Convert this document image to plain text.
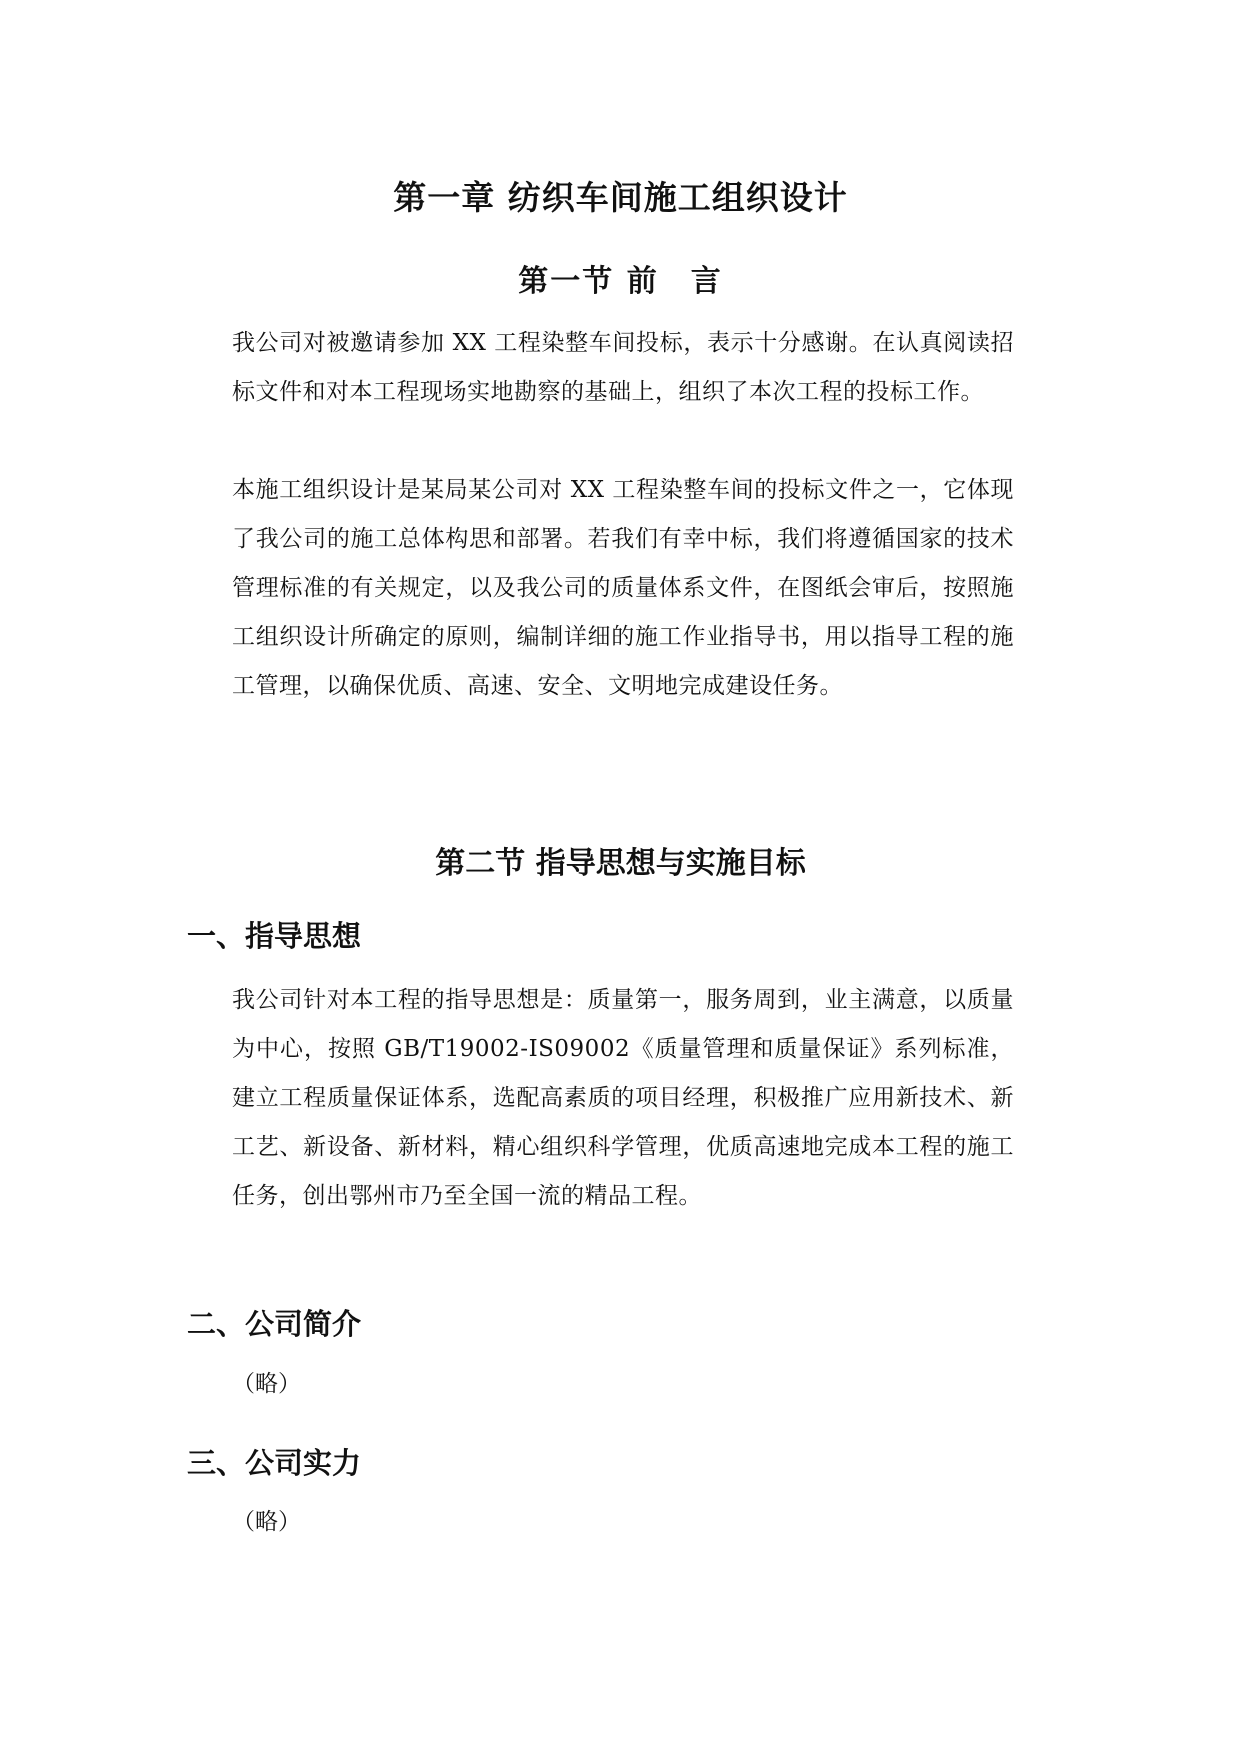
第一章 纺织车间施工组织设计
第一节 前　言

我公司对被邀请参加 XX 工程染整车间投标，表示十分感谢。在认真阅读招标文件和对本工程现场实地勘察的基础上，组织了本次工程的投标工作。

本施工组织设计是某局某公司对 XX 工程染整车间的投标文件之一，它体现了我公司的施工总体构思和部署。若我们有幸中标，我们将遵循国家的技术管理标准的有关规定，以及我公司的质量体系文件，在图纸会审后，按照施工组织设计所确定的原则，编制详细的施工作业指导书，用以指导工程的施工管理，以确保优质、高速、安全、文明地完成建设任务。

第二节 指导思想与实施目标
一、指导思想

我公司针对本工程的指导思想是：质量第一，服务周到，业主满意，以质量为中心，按照 GB/T19002-IS09002《质量管理和质量保证》系列标准，建立工程质量保证体系，选配高素质的项目经理，积极推广应用新技术、新工艺、新设备、新材料，精心组织科学管理，优质高速地完成本工程的施工任务，创出鄂州市乃至全国一流的精品工程。

二、公司简介

（略）

三、公司实力

（略）
